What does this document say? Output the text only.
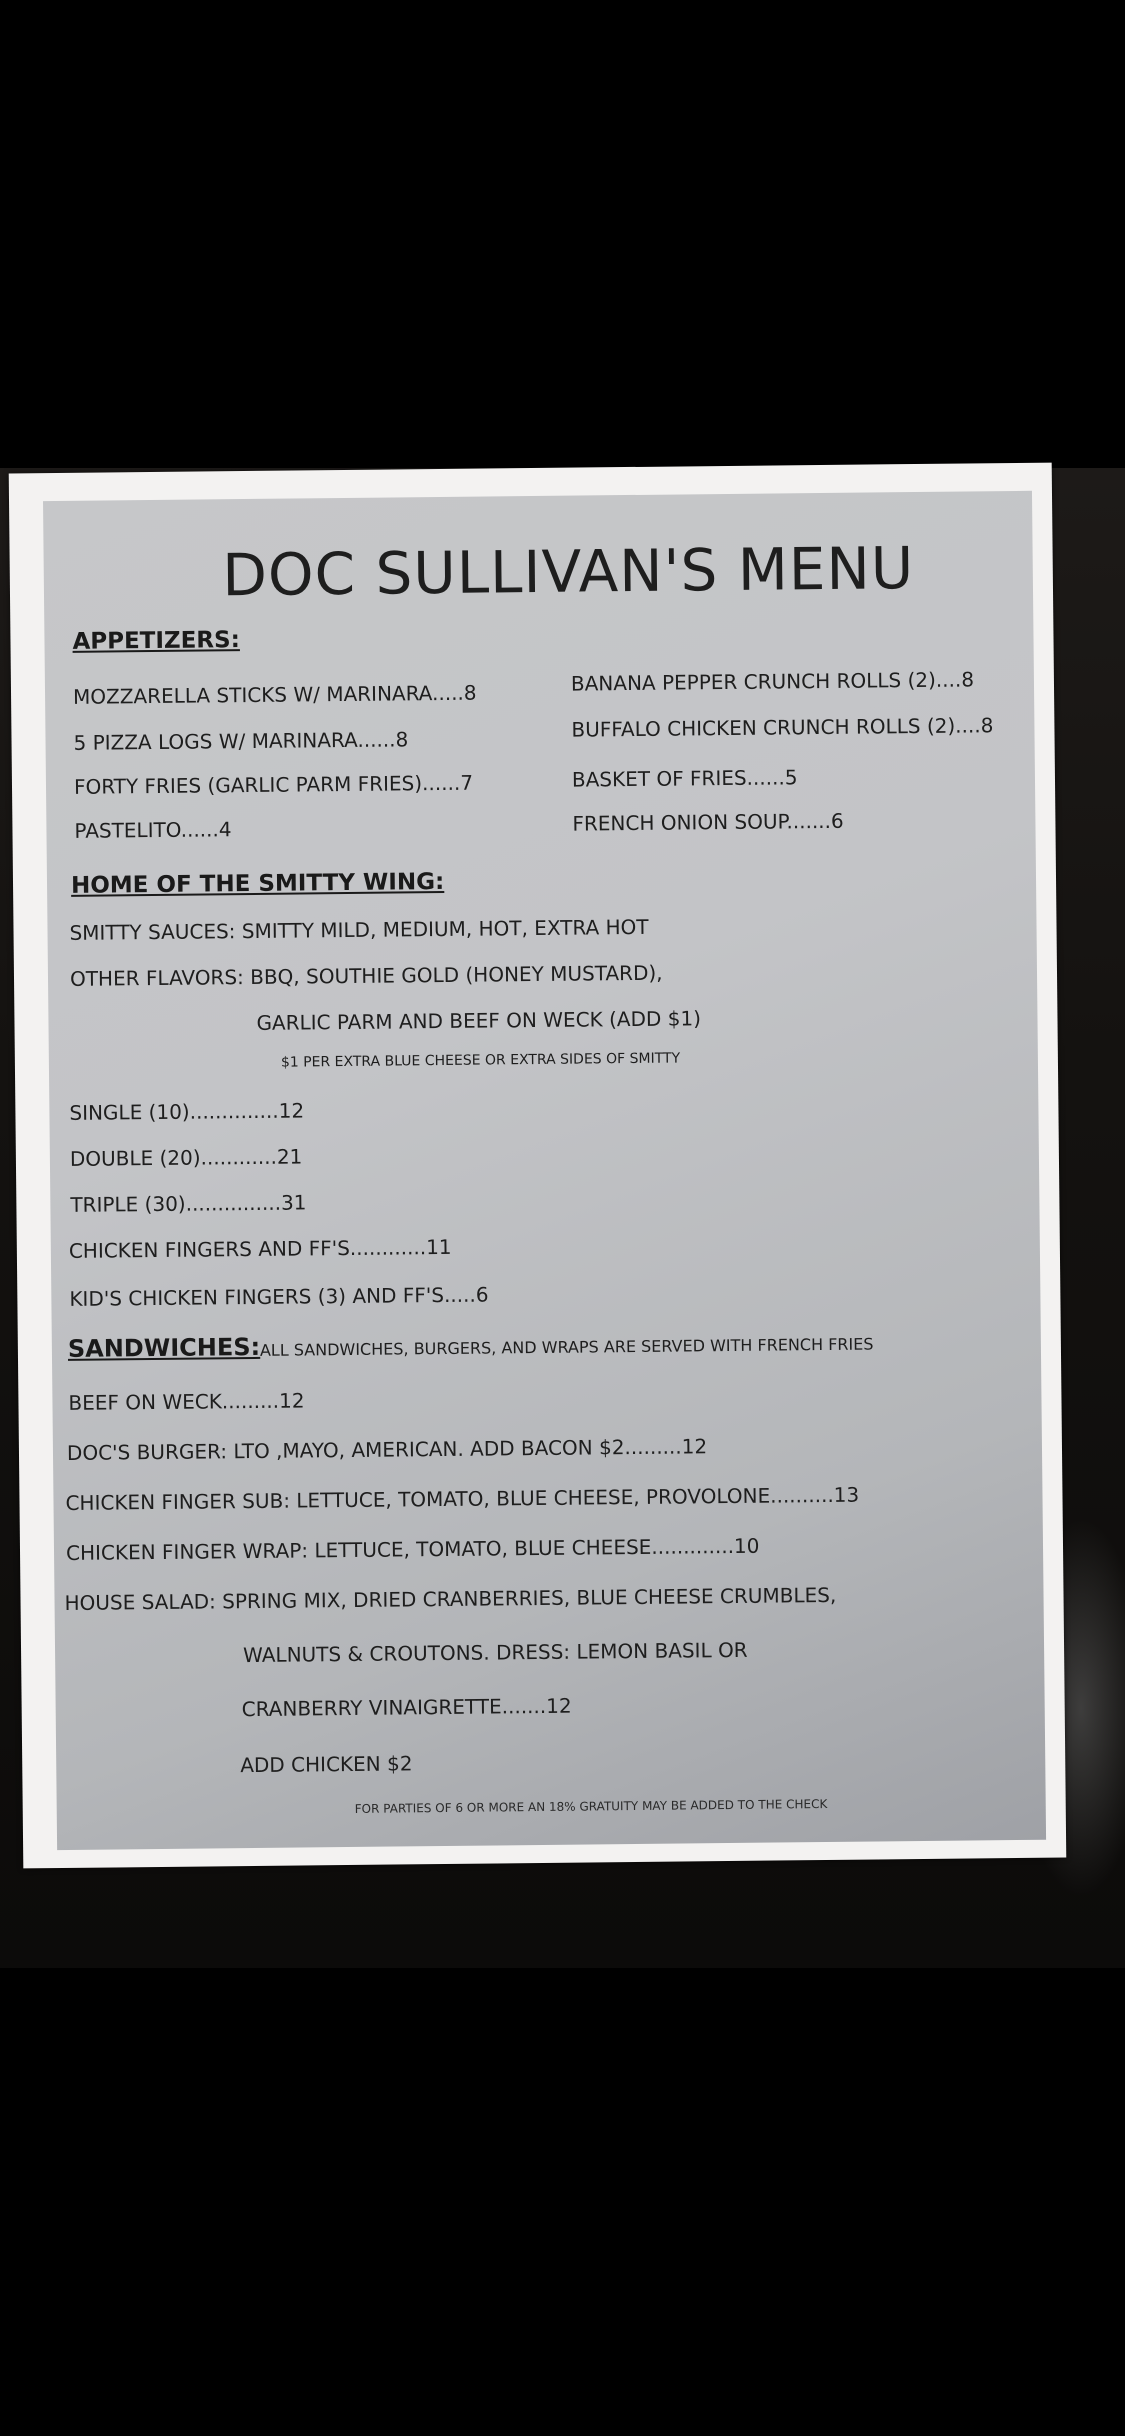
DOC SULLIVAN'S MENU
APPETIZERS:
MOZZARELLA STICKS W/ MARINARA.....8
5 PIZZA LOGS W/ MARINARA......8
FORTY FRIES (GARLIC PARM FRIES)......7
PASTELITO......4
BANANA PEPPER CRUNCH ROLLS (2)....8
BUFFALO CHICKEN CRUNCH ROLLS (2)....8
BASKET OF FRIES......5
FRENCH ONION SOUP.......6
HOME OF THE SMITTY WING:
SMITTY SAUCES: SMITTY MILD, MEDIUM, HOT, EXTRA HOT
OTHER FLAVORS: BBQ, SOUTHIE GOLD (HONEY MUSTARD),
GARLIC PARM AND BEEF ON WECK (ADD $1)
$1 PER EXTRA BLUE CHEESE OR EXTRA SIDES OF SMITTY
SINGLE (10)..............12
DOUBLE (20)............21
TRIPLE (30)...............31
CHICKEN FINGERS AND FF'S............11
KID'S CHICKEN FINGERS (3) AND FF'S.....6
SANDWICHES: ALL SANDWICHES, BURGERS, AND WRAPS ARE SERVED WITH FRENCH FRIES
BEEF ON WECK.........12
DOC'S BURGER: LTO ,MAYO, AMERICAN. ADD BACON $2.........12
CHICKEN FINGER SUB: LETTUCE, TOMATO, BLUE CHEESE, PROVOLONE..........13
CHICKEN FINGER WRAP: LETTUCE, TOMATO, BLUE CHEESE.............10
HOUSE SALAD: SPRING MIX, DRIED CRANBERRIES, BLUE CHEESE CRUMBLES,
WALNUTS & CROUTONS. DRESS: LEMON BASIL OR
CRANBERRY VINAIGRETTE.......12
ADD CHICKEN $2
FOR PARTIES OF 6 OR MORE AN 18% GRATUITY MAY BE ADDED TO THE CHECK
